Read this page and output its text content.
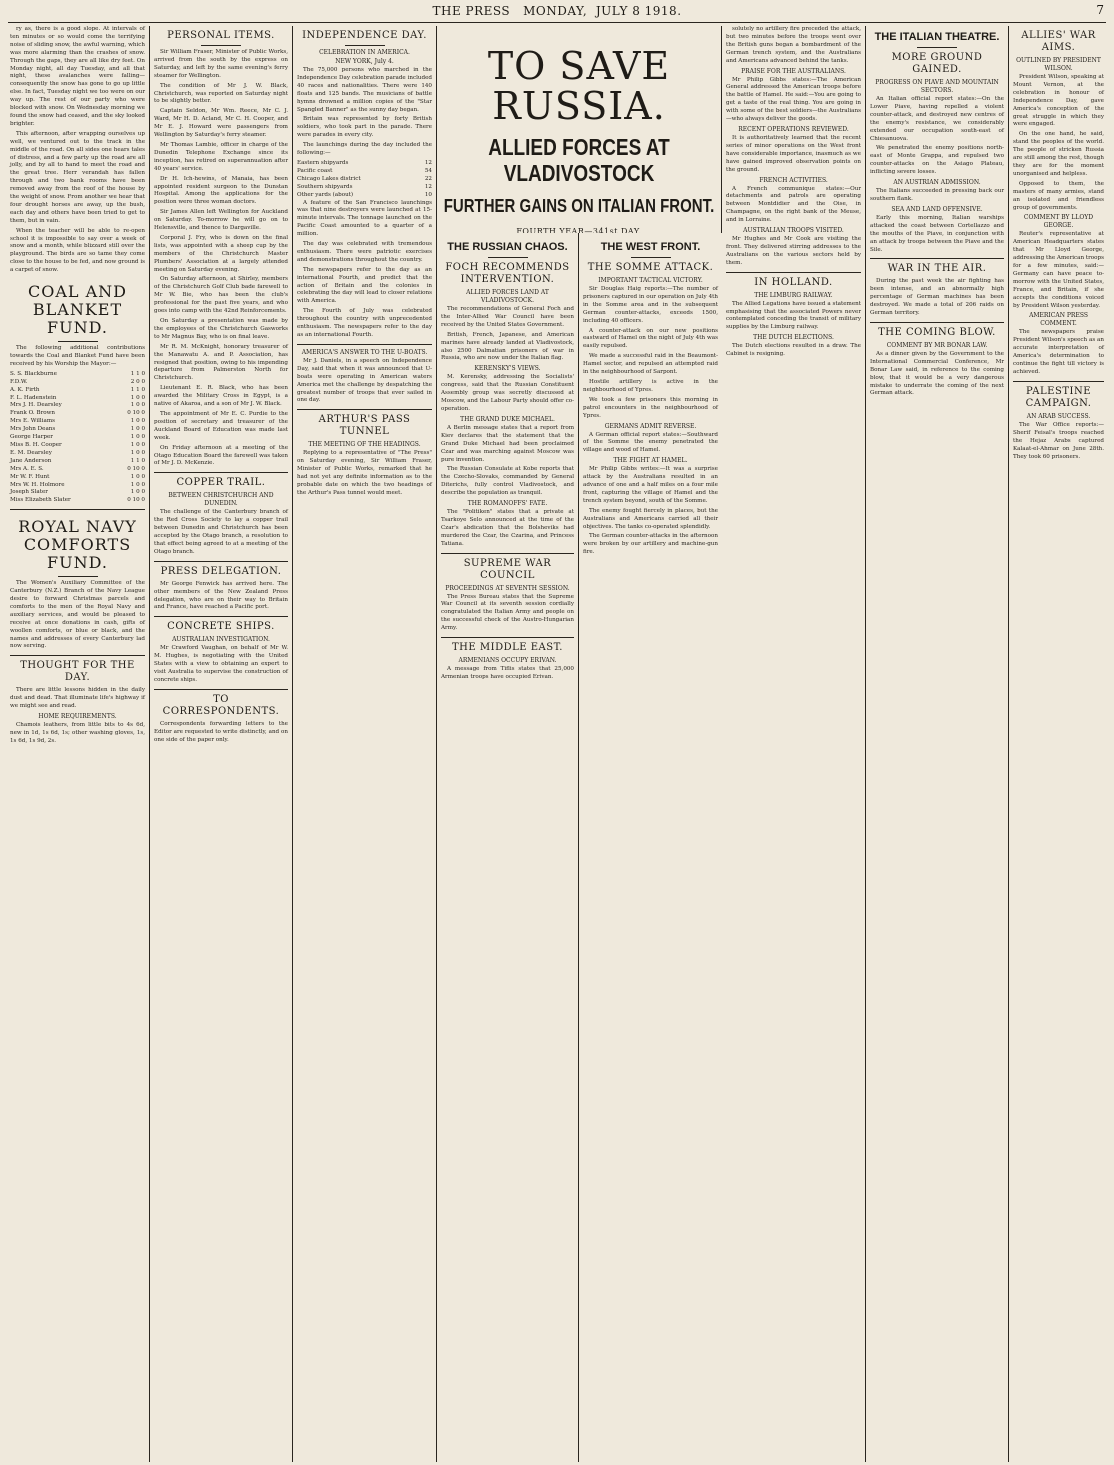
THE PRESS MONDAY, JULY 8 1918.	7

ry as, there is a good slope. At intervals of ten minutes or so would come the terrifying noise of sliding snow, the awful warning, which was more alarming than the crashes of snow. Through the gaps, they are all like dry feet. On Monday night, all day Tuesday, and all that night, these avalanches were falling—consequently the snow has gone to go up little else. In fact, Tuesday night we too were on our way up. The rest of our party who were blocked with snow. On Wednesday morning we found the snow had ceased, and the sky looked brighter.

This afternoon, after wrapping ourselves up well, we ventured out to the track in the middle of the road. On all sides one hears tales of distress, and a few party up the road are all jolly, and by all to hand to meet the road and the great tree. Herr verandah has fallen through and two bank rooms have been removed away from the roof of the house by the weight of snow. From another we hear that four drought horses are away, up the bush, each day and others have been tried to get to them, but in vain.

When the teacher will be able to re-open school it is impossible to say over a week of snow and a month, while blizzard still over the playground. The birds are so tame they come close to the house to be fed, and now ground is a carpet of snow.

COAL AND BLANKET FUND.

The following additional contributions towards the Coal and Blanket Fund have been received by his Worship the Mayor:—

S. S. Blackburne	1 1 0
F.D.W.	2 0 0
A. K. Firth	1 1 0
F. L. Hadenstein	1 0 0
Mrs J. H. Dearsley	1 0 0
Frank O. Brown	0 10 0
Mrs E. Williams	1 0 0
Mrs John Deans	1 0 0
George Harper	1 0 0
Miss B. H. Cooper	1 0 0
E. M. Dearsley	1 0 0
Jane Anderson	1 1 0
Mrs A. E. S.	0 10 0
Mr W. F. Hunt	1 0 0
Mrs W. H. Holmore	1 0 0
Joseph Slater	1 0 0
Miss Elizabeth Slater	0 10 0
ROYAL NAVY COMFORTS FUND.

The Women's Auxiliary Committee of the Canterbury (N.Z.) Branch of the Navy League desire to forward Christmas parcels and comforts to the men of the Royal Navy and auxiliary services, and would be pleased to receive at once donations in cash, gifts of woollen comforts, or blue or black, and the names and addresses of every Canterbury lad now serving.

THOUGHT FOR THE DAY.

There are little lessons hidden in the daily dust and dead. That illuminate life's highway if we might see and read.

HOME REQUIREMENTS.

Chamois leathers, from little bits to 4s 6d, new in 1d, 1s 6d, 1s; other washing gloves, 1s, 1s 6d, 1s 9d, 2s.

PERSONAL ITEMS.

Sir William Fraser, Minister of Public Works, arrived from the south by the express on Saturday, and left by the same evening's ferry steamer for Wellington.

The condition of Mr J. W. Black, Christchurch, was reported on Saturday night to be slightly better.

Captain Seldon, Mr Wm. Reece, Mr C. J. Ward, Mr H. D. Acland, Mr C. H. Cooper, and Mr E. J. Howard were passengers from Wellington by Saturday's ferry steamer.

Mr Thomas Lambie, officer in charge of the Dunedin Telephone Exchange since its inception, has retired on superannuation after 40 years' service.

Dr H. Ich-hewins, of Manaia, has been appointed resident surgeon to the Dunstan Hospital. Among the applications for the position were three woman doctors.

Sir James Allen left Wellington for Auckland on Saturday. To-morrow he will go on to Helensville, and thence to Dargaville.

Corporal J. Fry, who is down on the final lists, was appointed with a sheep cup by the members of the Christchurch Master Plumbers' Association at a largely attended meeting on Saturday evening.

On Saturday afternoon, at Shirley, members of the Christchurch Golf Club bade farewell to Mr W. Bie, who has been the club's professional for the past five years, and who goes into camp with the 42nd Reinforcements.

On Saturday a presentation was made by the employees of the Christchurch Gasworks to Mr Magnus Bay, who is on final leave.

Mr R. M. McKnight, honorary treasurer of the Manawatu A. and P. Association, has resigned that position, owing to his impending departure from Palmerston North for Christchurch.

Lieutenant E. R. Black, who has been awarded the Military Cross in Egypt, is a native of Akaroa, and a son of Mr J. W. Black.

The appointment of Mr E. C. Purdie to the position of secretary and treasurer of the Auckland Board of Education was made last week.

On Friday afternoon at a meeting of the Otago Education Board the farewell was taken of Mr J. D. McKenzie.

COPPER TRAIL.
BETWEEN CHRISTCHURCH AND DUNEDIN.

The challenge of the Canterbury branch of the Red Cross Society to lay a copper trail between Dunedin and Christchurch has been accepted by the Otago branch, a resolution to that effect being agreed to at a meeting of the Otago branch.

PRESS DELEGATION.

Mr George Fenwick has arrived here. The other members of the New Zealand Press delegation, who are on their way to Britain and France, have reached a Pacific port.

CONCRETE SHIPS.
AUSTRALIAN INVESTIGATION.

Mr Crawford Vaughan, on behalf of Mr W. M. Hughes, is negotiating with the United States with a view to obtaining an expert to visit Australia to supervise the construction of concrete ships.

TO CORRESPONDENTS.

Correspondents forwarding letters to the Editor are requested to write distinctly, and on one side of the paper only.

INDEPENDENCE DAY.
CELEBRATION IN AMERICA.
NEW YORK, July 4.

The 75,000 persons who marched in the Independence Day celebration parade included 40 races and nationalities. There were 140 floats and 125 bands. The musicians of battle hymns drowned a million copies of the "Star Spangled Banner" as the sunny day began.

Britain was represented by forty British soldiers, who took part in the parade. There were parades in every city.

The launchings during the day included the following:—

Eastern shipyards	12
Pacific coast	54
Chicago Lakes district	22
Southern shipyards	12
Other yards (about)	10

A feature of the San Francisco launchings was that nine destroyers were launched at 15-minute intervals. The tonnage launched on the Pacific Coast amounted to a quarter of a million.

The day was celebrated with tremendous enthusiasm. There were patriotic exercises and demonstrations throughout the country.

The newspapers refer to the day as an international Fourth, and predict that the action of Britain and the colonies in celebrating the day will lead to closer relations with America.

The Fourth of July was celebrated throughout the country with unprecedented enthusiasm. The newspapers refer to the day as an international Fourth.

AMERICA'S ANSWER TO THE U-BOATS.

Mr J. Daniels, in a speech on Independence Day, said that when it was announced that U-boats were operating in American waters America met the challenge by despatching the greatest number of troops that ever sailed in one day.

ARTHUR'S PASS TUNNEL
THE MEETING OF THE HEADINGS.

Replying to a representative of "The Press" on Saturday evening, Sir William Fraser, Minister of Public Works, remarked that he had not yet any definite information as to the probable date on which the two headings of the Arthur's Pass tunnel would meet.

THE RUSSIAN CHAOS.
FOCH RECOMMENDS INTERVENTION.
ALLIED FORCES LAND AT VLADIVOSTOCK.

The recommendations of General Foch and the Inter-Allied War Council have been received by the United States Government.

British, French, Japanese, and American marines have already landed at Vladivostock, also 2500 Dalmatian prisoners of war in Russia, who are now under the Italian flag.

KERENSKY'S VIEWS.

M. Kerensky, addressing the Socialists' congress, said that the Russian Constituent Assembly group was secretly discussed at Moscow, and the Labour Party should offer co-operation.

THE GRAND DUKE MICHAEL.

A Berlin message states that a report from Kiev declares that the statement that the Grand Duke Michael had been proclaimed Czar and was marching against Moscow was pure invention.

The Russian Consulate at Kobe reports that the Czecho-Slovaks, commanded by General Diterichs, fully control Vladivostock, and describe the population as tranquil.

THE ROMANOFFS' FATE.

The "Politiken" states that a private at Tsarkoye Selo announced at the time of the Czar's abdication that the Bolsheviks had murdered the Czar, the Czarina, and Princess Tatiana.

SUPREME WAR COUNCIL
PROCEEDINGS AT SEVENTH SESSION.

The Press Bureau states that the Supreme War Council at its seventh session cordially congratulated the Italian Army and people on the successful check of the Austro-Hungarian Army.

THE MIDDLE EAST.
ARMENIANS OCCUPY ERIVAN.

A message from Tiflis states that 25,000 Armenian troops have occupied Erivan.

THE WEST FRONT.
THE SOMME ATTACK.
IMPORTANT TACTICAL VICTORY.

Sir Douglas Haig reports:—The number of prisoners captured in our operation on July 4th in the Somme area and in the subsequent German counter-attacks, exceeds 1500, including 40 officers.

A counter-attack on our new positions eastward of Hamel on the night of July 4th was easily repulsed.

We made a successful raid in the Beaumont-Hamel sector, and repulsed an attempted raid in the neighbourhood of Sarpont.

Hostile artillery is active in the neighbourhood of Ypres.

We took a few prisoners this morning in patrol encounters in the neighbourhood of Ypres.

GERMANS ADMIT REVERSE.

A German official report states:—Southward of the Somme the enemy penetrated the village and wood of Hamel.

THE FIGHT AT HAMEL.

Mr Philip Gibbs writes:—It was a surprise attack by the Australians resulted in an advance of one and a half miles on a four mile front, capturing the village of Hamel and the trench system beyond, south of the Somme.

The enemy fought fiercely in places, but the Australians and Americans carried all their objectives. The tanks co-operated splendidly.

The German counter-attacks in the afternoon were broken by our artillery and machine-gun fire.

TO SAVE RUSSIA.
ALLIED FORCES AT VLADIVOSTOCK
FURTHER GAINS ON ITALIAN FRONT.
FOURTH YEAR—341st DAY.

solutely no artillery fire preceded the attack, but two minutes before the troops went over the British guns began a bombardment of the German trench system, and the Australians and Americans advanced behind the tanks.

PRAISE FOR THE AUSTRALIANS.

Mr Philip Gibbs states:—The American General addressed the American troops before the battle of Hamel. He said:—You are going to get a taste of the real thing. You are going in with some of the best soldiers—the Australians—who always deliver the goods.

RECENT OPERATIONS REVIEWED.

It is authoritatively learned that the recent series of minor operations on the West front have considerable importance, inasmuch as we have gained improved observation points on the ground.

FRENCH ACTIVITIES.

A French communique states:—Our detachments and patrols are operating between Montdidier and the Oise, in Champagne, on the right bank of the Meuse, and in Lorraine.

AUSTRALIAN TROOPS VISITED.

Mr Hughes and Mr Cook are visiting the front. They delivered stirring addresses to the Australians on the various sectors held by them.

IN HOLLAND.
THE LIMBURG RAILWAY.

The Allied Legations have issued a statement emphasising that the associated Powers never contemplated conceding the transit of military supplies by the Limburg railway.

THE DUTCH ELECTIONS.

The Dutch elections resulted in a draw. The Cabinet is resigning.

THE ITALIAN THEATRE.
MORE GROUND GAINED.
PROGRESS ON PIAVE AND MOUNTAIN SECTORS.

An Italian official report states:—On the Lower Piave, having repelled a violent counter-attack, and destroyed new centres of the enemy's resistance, we considerably extended our occupation south-east of Chiesanuova.

We penetrated the enemy positions north-east of Monte Grappa, and repulsed two counter-attacks on the Asiago Plateau, inflicting severe losses.

AN AUSTRIAN ADMISSION.

The Italians succeeded in pressing back our southern flank.

SEA AND LAND OFFENSIVE.

Early this morning, Italian warships attacked the coast between Cortellazzo and the mouths of the Piave, in conjunction with an attack by troops between the Piave and the Sile.

WAR IN THE AIR.

During the past week the air fighting has been intense, and an abnormally high percentage of German machines has been destroyed. We made a total of 206 raids on German territory.

THE COMING BLOW.
COMMENT BY MR BONAR LAW.

As a dinner given by the Government to the International Commercial Conference, Mr Bonar Law said, in reference to the coming blow, that it would be a very dangerous mistake to underrate the coming of the next German attack.

ALLIES' WAR AIMS.
OUTLINED BY PRESIDENT WILSON.

President Wilson, speaking at Mount Vernon, at the celebration in honour of Independence Day, gave America's conception of the great struggle in which they were engaged.

On the one hand, he said, stand the peoples of the world. The people of stricken Russia are still among the rest, though they are for the moment unorganised and helpless.

Opposed to them, the masters of many armies, stand an isolated and friendless group of governments.

COMMENT BY LLOYD GEORGE.

Reuter's representative at American Headquarters states that Mr Lloyd George, addressing the American troops for a few minutes, said:—Germany can have peace to-morrow with the United States, France, and Britain, if she accepts the conditions voiced by President Wilson yesterday.

AMERICAN PRESS COMMENT.

The newspapers praise President Wilson's speech as an accurate interpretation of America's determination to continue the fight till victory is achieved.

PALESTINE CAMPAIGN.
AN ARAB SUCCESS.

The War Office reports:—Sherif Feisal's troops reached the Hejaz Arabs captured Kalaat-el-Ahmar on June 28th. They took 60 prisoners.
